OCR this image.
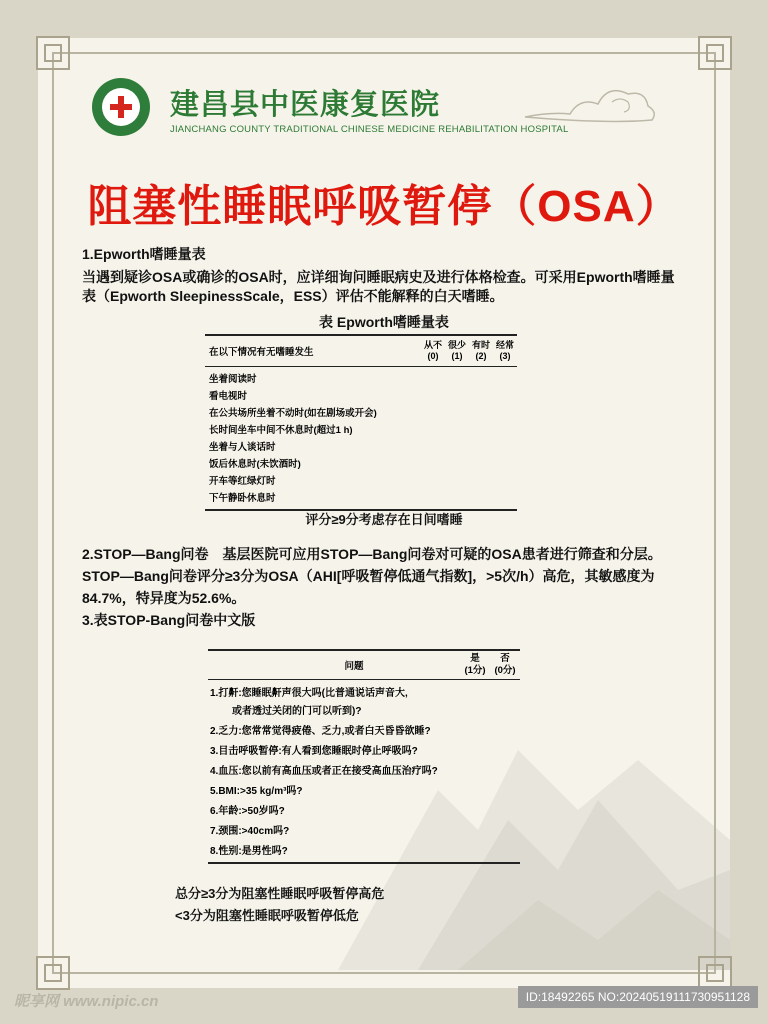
建昌县中医康复医院
JIANCHANG COUNTY TRADITIONAL CHINESE MEDICINE REHABILITATION HOSPITAL
阻塞性睡眠呼吸暂停（OSA）
1.Epworth嗜睡量表
当遇到疑诊OSA或确诊的OSA时，应详细询问睡眠病史及进行体格检查。可采用Epworth嗜睡量表（Epworth SleepinessScale，ESS）评估不能解释的白天嗜睡。
表 Epworth嗜睡量表
在以下情况有无嗜睡发生
从不
(0)
很少
(1)
有时
(2)
经常
(3)
坐着阅读时
看电视时
在公共场所坐着不动时(如在剧场或开会)
长时间坐车中间不休息时(超过1 h)
坐着与人谈话时
饭后休息时(未饮酒时)
开车等红绿灯时
下午静卧休息时
评分≥9分考虑存在日间嗜睡
2.STOP—Bang问卷　基层医院可应用STOP—Bang问卷对可疑的OSA患者进行筛查和分层。STOP—Bang问卷评分≥3分为OSA（AHI[呼吸暂停低通气指数]，>5次/h）高危，其敏感度为84.7%，特异度为52.6%。
3.表STOP-Bang问卷中文版
问题
是
(1分)
否
(0分)
1.打鼾:您睡眠鼾声很大吗(比普通说话声音大,
或者透过关闭的门可以听到)?
2.乏力:您常常觉得疲倦、乏力,或者白天昏昏欲睡?
3.目击呼吸暂停:有人看到您睡眠时停止呼吸吗?
4.血压:您以前有高血压或者正在接受高血压治疗吗?
5.BMI:>35 kg/m³吗?
6.年龄:>50岁吗?
7.颈围:>40cm吗?
8.性别:是男性吗?
总分≥3分为阻塞性睡眠呼吸暂停高危
<3分为阻塞性睡眠呼吸暂停低危
昵享网 www.nipic.cn	ID:18492265 NO:20240519111730951128
